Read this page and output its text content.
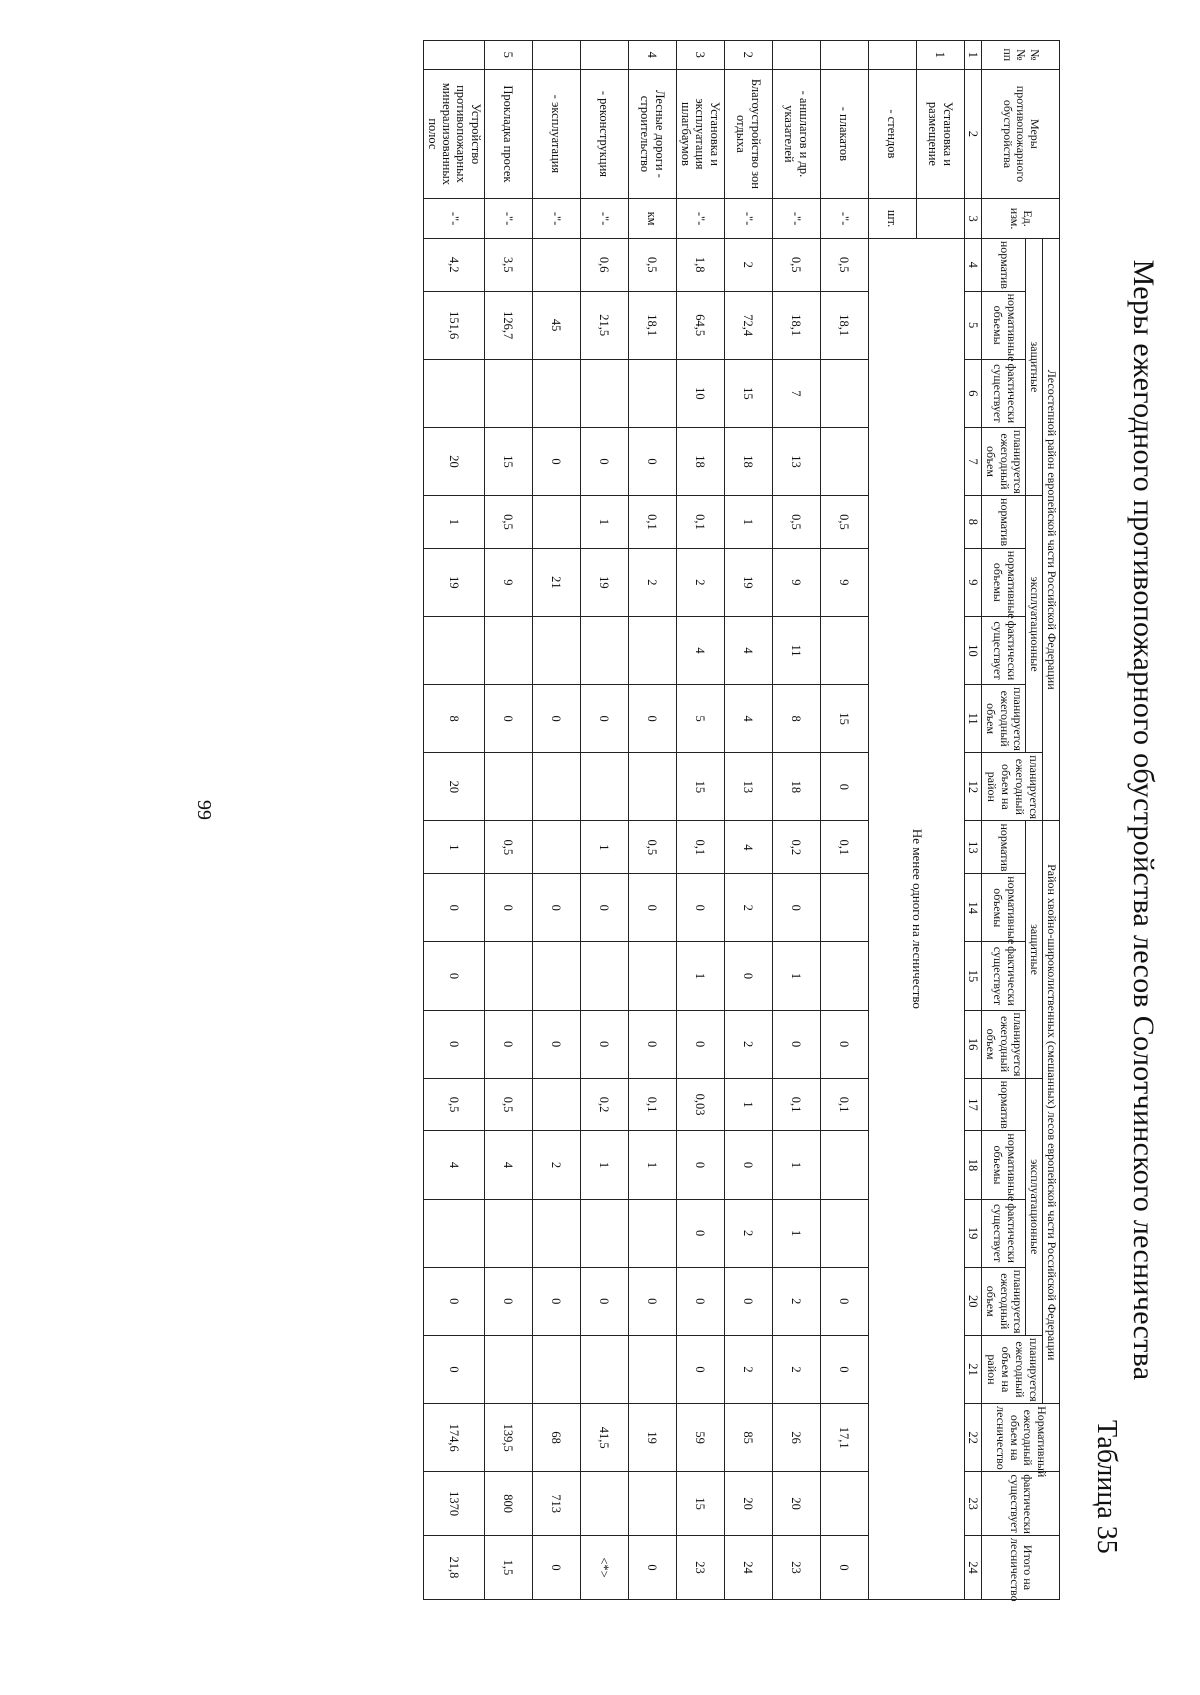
Меры ежегодного противопожарного обустройства лесов Солотчинского лесничества
Таблица 35
№ № пп	Меры противопожарного обустройства	Ед. изм.	Лесостепной район европейской части Российской Федерации									Район хвойно-широколиственных (смешанных) лесов европейской части Российской Федерации									Нормативный ежегодный объем на лесничество	фактически существует	Итого на лесничество
			защитные				эксплуатационные				планируется ежегодный объем на район	защитные				эксплуатационные				планируется ежегодный объем на район			
			норматив	нормативные объемы	фактически существует	планируется ежегодный объем	норматив	нормативные объемы	фактически существует	планируется ежегодный объем		норматив	нормативные объемы	фактически существует	планируется ежегодный объем	норматив	нормативные объемы	фактически существует	планируется ежегодный объем				
1	2	3	4	5	6	7	8	9	10	11	12	13	14	15	16	17	18	19	20	21	22	23	24
1	Установка и размещение		Не менее одного на лесничество																				
	- стендов	шт.																					
	- плакатов	-"-	0,5	18,1			0,5	9		15	0	0,1			0	0,1			0	0	17,1		0
	- аншлагов и др. указателей	-"-	0,5	18,1	7	13	0,5	9	11	8	18	0,2	0	1	0	0,1	1	1	2	2	26	20	23
2	Благоустройство зон отдыха	-"-	2	72,4	15	18	1	19	4	4	13	4	2	0	2	1	0	2	0	2	85	20	24
3	Установка и эксплуатация шлагбаумов	-"-	1,8	64,5	10	18	0,1	2	4	5	15	0,1	0	1	0	0,03	0	0	0	0	59	15	23
4	Лесные дороги - строительство	км	0,5	18,1		0	0,1	2		0		0,5	0		0	0,1	1		0		19		0
	- реконструкция	-"-	0,6	21,5		0	1	19		0		1	0		0	0,2	1		0		41,5		<*>
	- эксплуатация	-"-		45		0		21		0			0		0		2		0		68	713	0
5	Прокладка просек	-"-	3,5	126,7		15	0,5	9		0		0,5	0		0	0,5	4		0		139,5	800	1,5
	Устройство противопожарных минерализованных полос	-"-	4,2	151,6		20	1	19		8	20	1	0	0	0	0,5	4		0	0	174,6	1370	21,8
99
